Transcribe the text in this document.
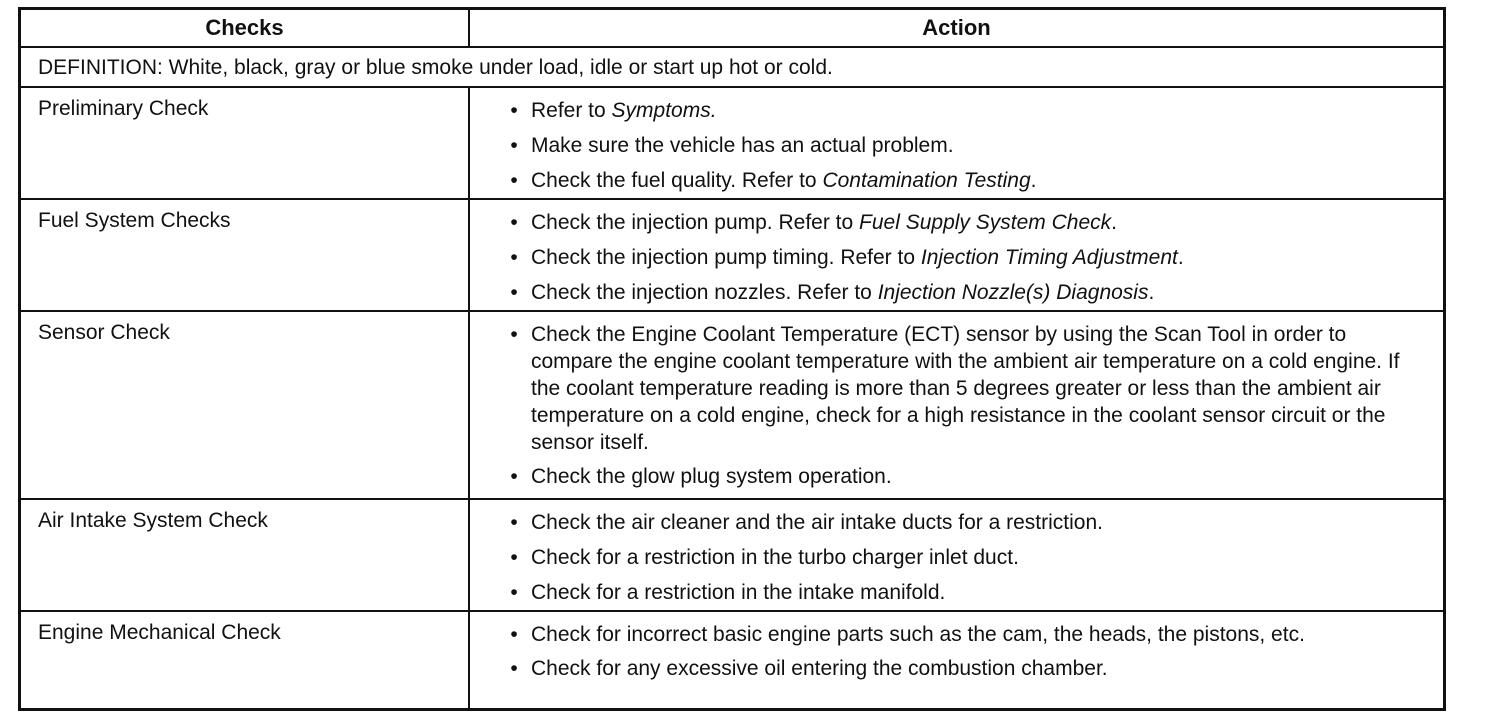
Checks	Action
DEFINITION: White, black, gray or blue smoke under load, idle or start up hot or cold.
Preliminary Check	• Refer to Symptoms.
• Make sure the vehicle has an actual problem.
• Check the fuel quality. Refer to Contamination Testing.
Fuel System Checks	• Check the injection pump. Refer to Fuel Supply System Check.
• Check the injection pump timing. Refer to Injection Timing Adjustment.
• Check the injection nozzles. Refer to Injection Nozzle(s) Diagnosis.
Sensor Check	• Check the Engine Coolant Temperature (ECT) sensor by using the Scan Tool in order to compare the engine coolant temperature with the ambient air temperature on a cold engine. If the coolant temperature reading is more than 5 degrees greater or less than the ambient air temperature on a cold engine, check for a high resistance in the coolant sensor circuit or the sensor itself.
• Check the glow plug system operation.
Air Intake System Check	• Check the air cleaner and the air intake ducts for a restriction.
• Check for a restriction in the turbo charger inlet duct.
• Check for a restriction in the intake manifold.
Engine Mechanical Check	• Check for incorrect basic engine parts such as the cam, the heads, the pistons, etc.
• Check for any excessive oil entering the combustion chamber.
